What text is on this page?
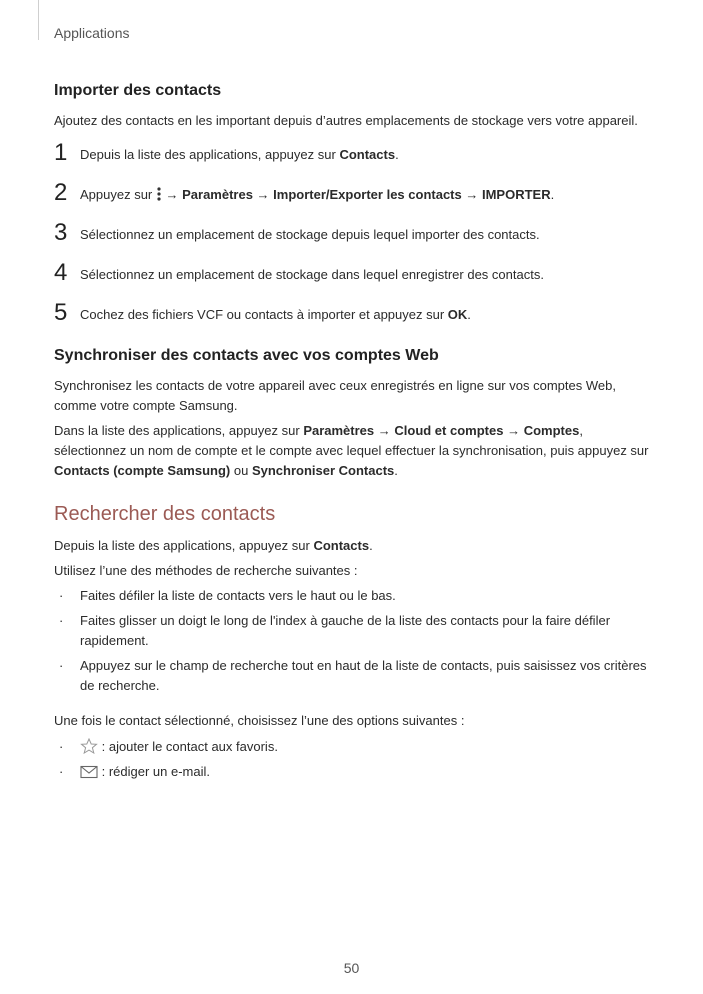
Applications
Importer des contacts

Ajoutez des contacts en les important depuis d’autres emplacements de stockage vers votre appareil.

1 Depuis la liste des applications, appuyez sur Contacts.
2 Appuyez sur  → Paramètres → Importer/Exporter les contacts → IMPORTER.
3 Sélectionnez un emplacement de stockage depuis lequel importer des contacts.
4 Sélectionnez un emplacement de stockage dans lequel enregistrer des contacts.
5 Cochez des fichiers VCF ou contacts à importer et appuyez sur OK.
Synchroniser des contacts avec vos comptes Web

Synchronisez les contacts de votre appareil avec ceux enregistrés en ligne sur vos comptes Web, comme votre compte Samsung.

Dans la liste des applications, appuyez sur Paramètres → Cloud et comptes → Comptes, sélectionnez un nom de compte et le compte avec lequel effectuer la synchronisation, puis appuyez sur Contacts (compte Samsung) ou Synchroniser Contacts.

Rechercher des contacts

Depuis la liste des applications, appuyez sur Contacts.

Utilisez l’une des méthodes de recherche suivantes :

· Faites défiler la liste de contacts vers le haut ou le bas.
· Faites glisser un doigt le long de l'index à gauche de la liste des contacts pour la faire défiler rapidement.
· Appuyez sur le champ de recherche tout en haut de la liste de contacts, puis saisissez vos critères de recherche.

Une fois le contact sélectionné, choisissez l’une des options suivantes :

·	: ajouter le contact aux favoris.
·	: rédiger un e-mail.
50
